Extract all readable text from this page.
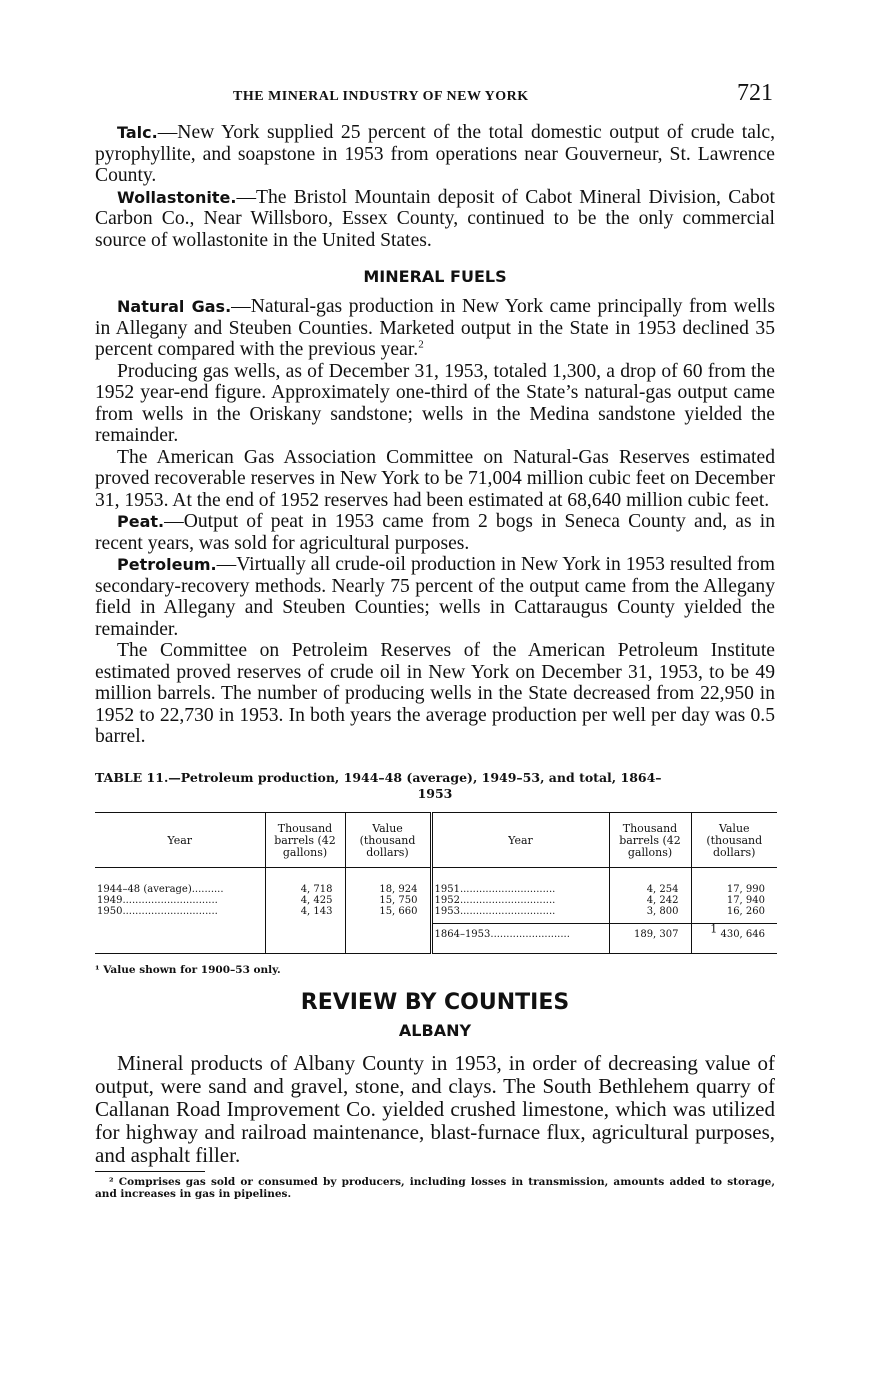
THE MINERAL INDUSTRY OF NEW YORK	721

Talc.—New York supplied 25 percent of the total domestic output of crude talc, pyrophyllite, and soapstone in 1953 from operations near Gouverneur, St. Lawrence County.

Wollastonite.—The Bristol Mountain deposit of Cabot Mineral Division, Cabot Carbon Co., Near Willsboro, Essex County, continued to be the only commercial source of wollastonite in the United States.

MINERAL FUELS

Natural Gas.—Natural-gas production in New York came principally from wells in Allegany and Steuben Counties. Marketed output in the State in 1953 declined 35 percent compared with the previous year.$^2$

Producing gas wells, as of December 31, 1953, totaled 1,300, a drop of 60 from the 1952 year-end figure. Approximately one-third of the State’s natural-gas output came from wells in the Oriskany sandstone; wells in the Medina sandstone yielded the remainder.

The American Gas Association Committee on Natural-Gas Reserves estimated proved recoverable reserves in New York to be 71,004 million cubic feet on December 31, 1953. At the end of 1952 reserves had been estimated at 68,640 million cubic feet.

Peat.—Output of peat in 1953 came from 2 bogs in Seneca County and, as in recent years, was sold for agricultural purposes.

Petroleum.—Virtually all crude-oil production in New York in 1953 resulted from secondary-recovery methods. Nearly 75 percent of the output came from the Allegany field in Allegany and Steuben Counties; wells in Cattaraugus County yielded the remainder.

The Committee on Petroleim Reserves of the American Petroleum Institute estimated proved reserves of crude oil in New York on December 31, 1953, to be 49 million barrels. The number of producing wells in the State decreased from 22,950 in 1952 to 22,730 in 1953. In both years the average production per well per day was 0.5 barrel.

TABLE 11.—Petroleum production, 1944–48 (average), 1949–53, and total, 1864–
1953
Year	Thousand barrels (42 gallons)	Value (thousand dollars)	Year	Thousand barrels (42 gallons)	Value (thousand dollars)
1944–48 (average)..........	4, 718	18, 924	1951..............................	4, 254	17, 990
1949..............................	4, 425	15, 750	1952..............................	4, 242	17, 940
1950..............................	4, 143	15, 660	1953..............................	3, 800	16, 260

			1864–1953.........................	189, 307	$^1$ 430, 646
¹ Value shown for 1900–53 only.
REVIEW BY COUNTIES
ALBANY

Mineral products of Albany County in 1953, in order of decreasing value of output, were sand and gravel, stone, and clays. The South Bethlehem quarry of Callanan Road Improvement Co. yielded crushed limestone, which was utilized for highway and railroad maintenance, blast-furnace flux, agricultural purposes, and asphalt filler.

² Comprises gas sold or consumed by producers, including losses in transmission, amounts added to storage, and increases in gas in pipelines.
